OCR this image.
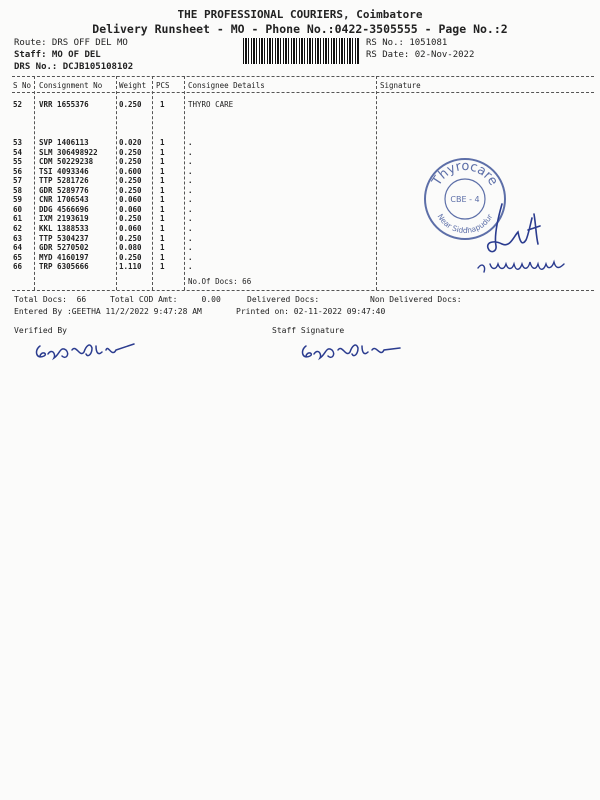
THE PROFESSIONAL COURIERS, Coimbatore
Delivery Runsheet - MO - Phone No.:0422-3505555 - Page No.:2
Route: DRS OFF DEL MO
Staff: MO OF DEL
DRS No.: DCJB105108102
RS No.: 1051081
RS Date: 02-Nov-2022
S No Consignment No Weight PCS Consignee Details	Signature
52 VRR 1655376	0.250 1	THYRO CARE
53 SVP 1406113	0.020 1	.
54 SLM 306498922	0.250 1	.
55 CDM 50229238	0.250 1	.
56 TSI 4093346	0.600 1	.
57 TTP 5281726	0.250 1	.
58 GDR 5289776	0.250 1	.
59 CNR 1706543	0.060 1	.
60 DDG 4566696	0.060 1	.
61 IXM 2193619	0.250 1	.
62 KKL 1388533	0.060 1	.
63 TTP 5304237	0.250 1	.
64 GDR 5270502	0.080 1	.
65 MYD 4160197	0.250 1	.
66 TRP 6305666	1.110 1	.
No.Of Docs: 66
Thyrocare
CBE - 4
Near Siddhapudur
Total Docs:  66	Total COD Amt:     0.00	Delivered Docs:	Non Delivered Docs:
Entered By :GEETHA 11/2/2022 9:47:28 AM	Printed on: 02-11-2022 09:47:40
Verified By	Staff Signature
